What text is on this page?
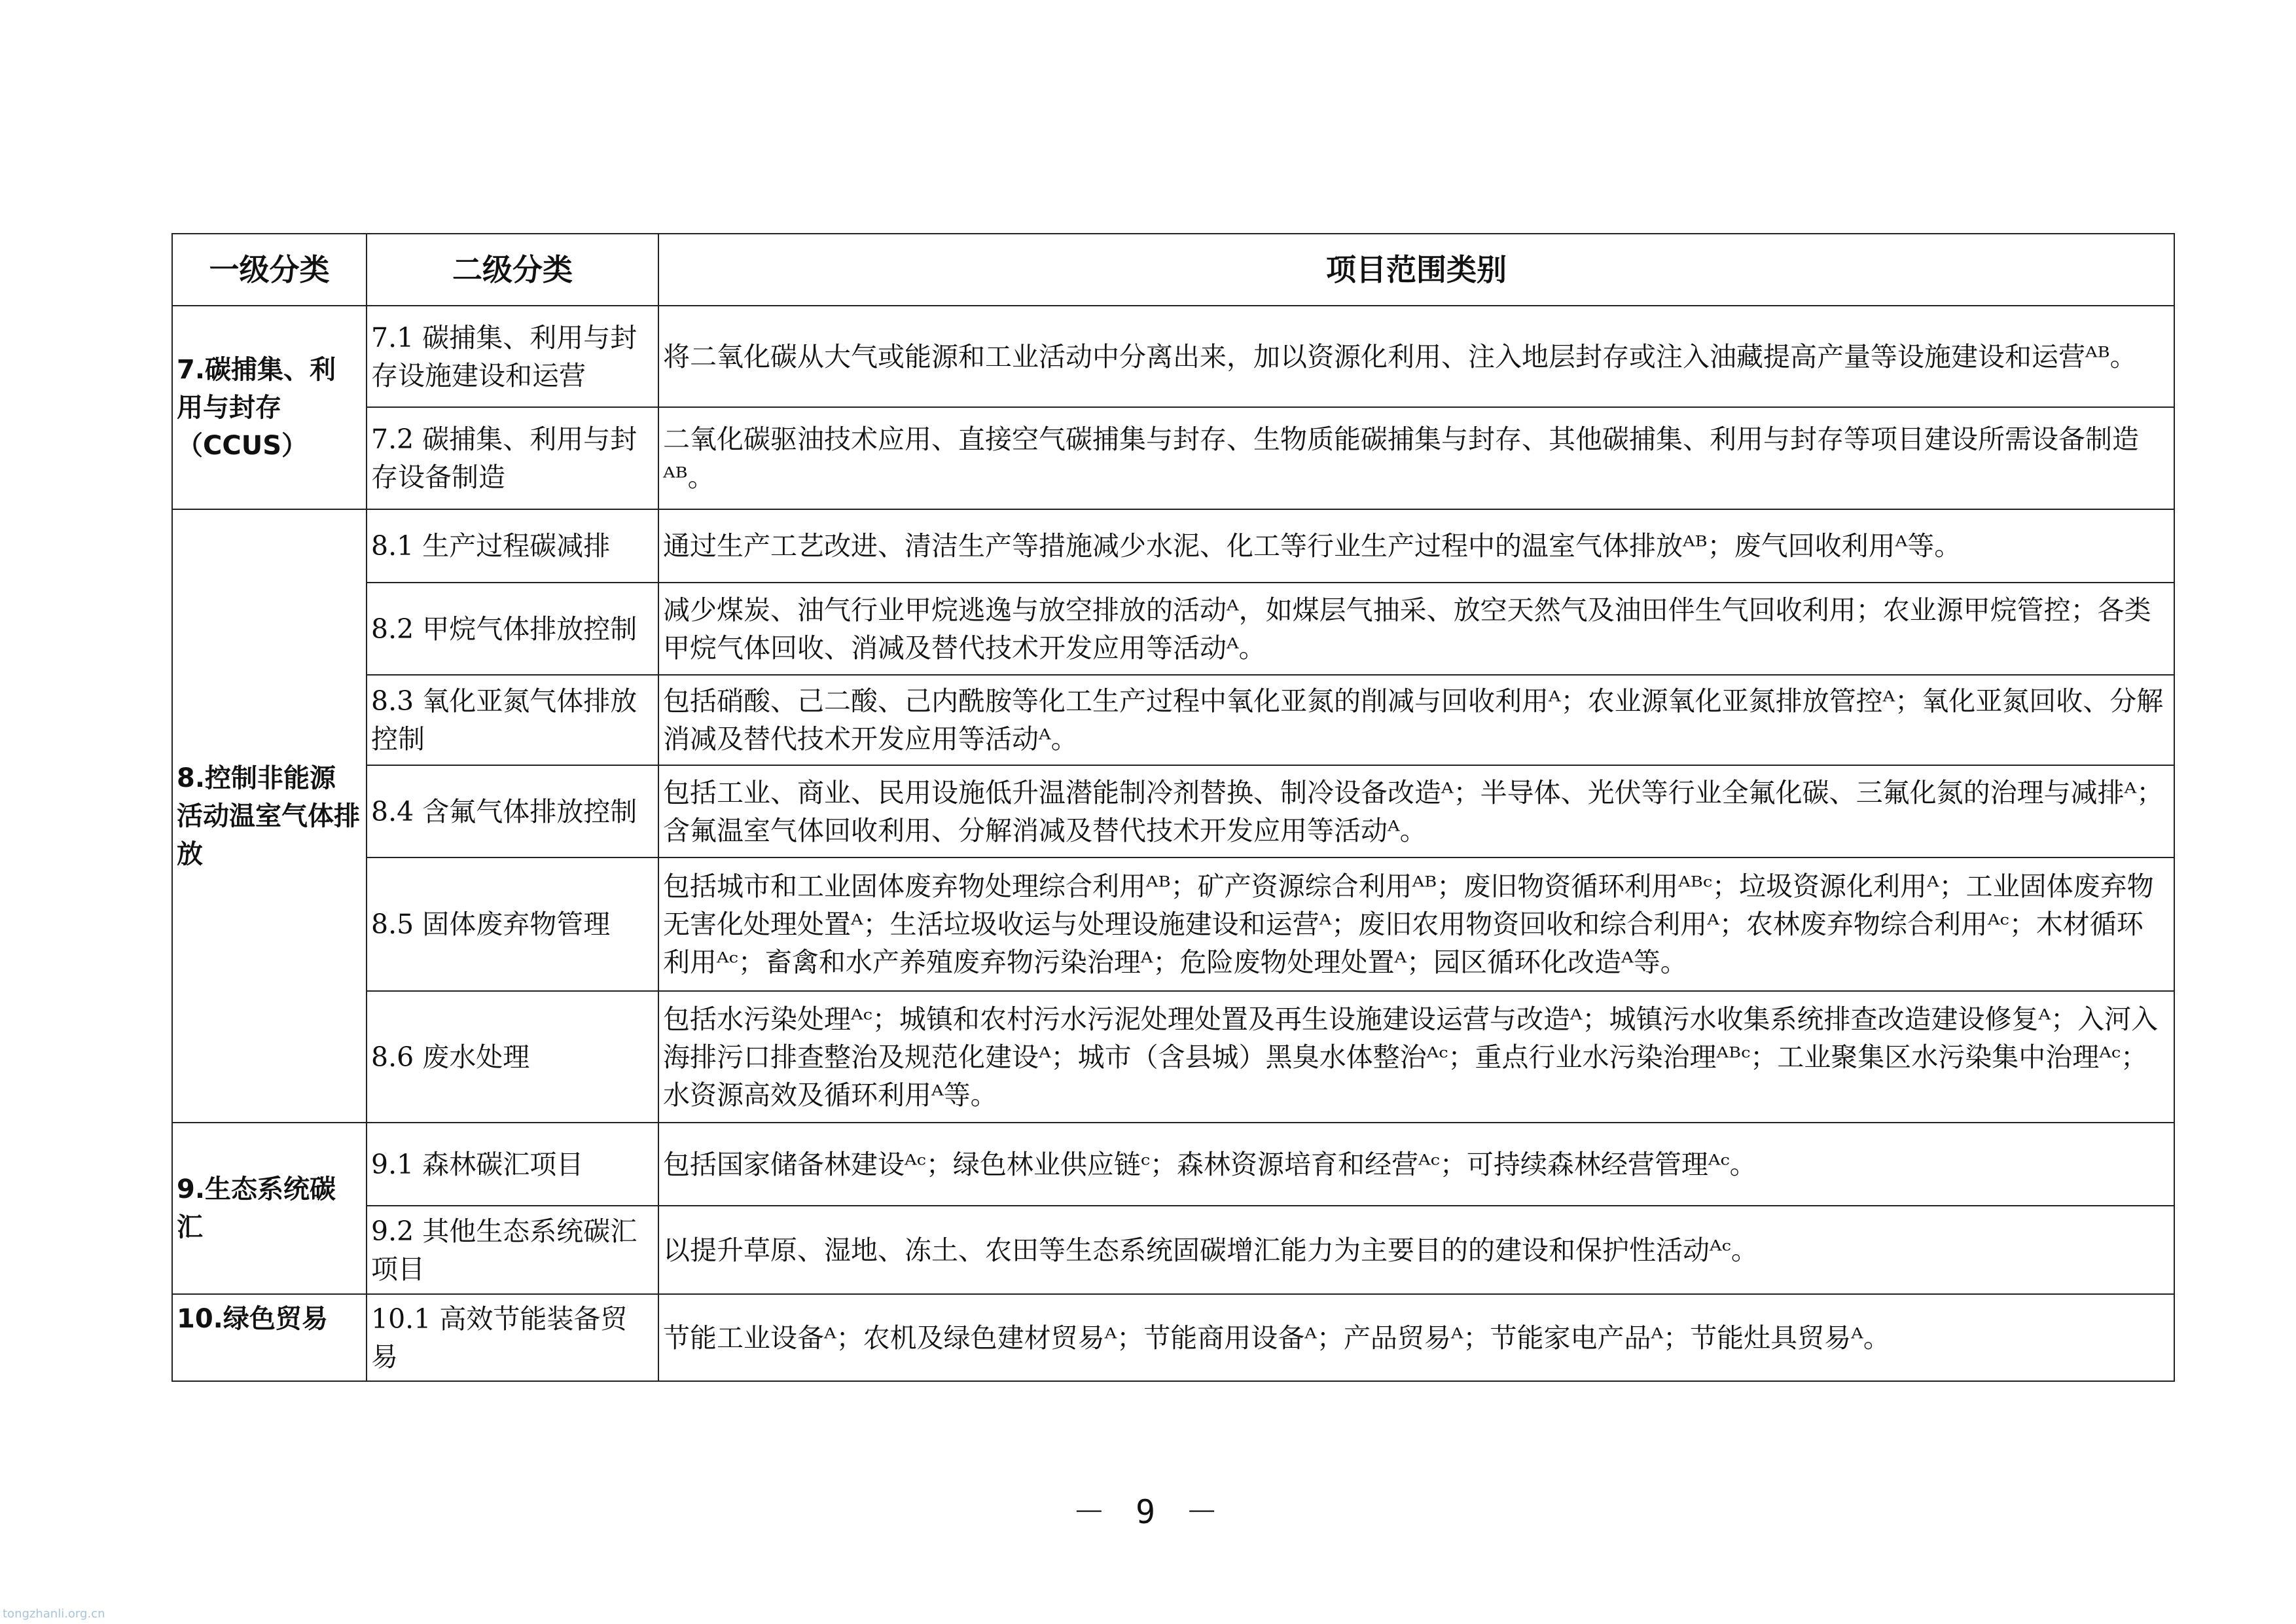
一级分类	二级分类	项目范围类别
7.碳捕集、利用与封存（CCUS）	7.1 碳捕集、利用与封存设施建设和运营	将二氧化碳从大气或能源和工业活动中分离出来，加以资源化利用、注入地层封存或注入油藏提高产量等设施建设和运营ᴬᴮ。
	7.2 碳捕集、利用与封存设备制造	二氧化碳驱油技术应用、直接空气碳捕集与封存、生物质能碳捕集与封存、其他碳捕集、利用与封存等项目建设所需设备制造ᴬᴮ。
8.控制非能源活动温室气体排放	8.1 生产过程碳减排	通过生产工艺改进、清洁生产等措施减少水泥、化工等行业生产过程中的温室气体排放ᴬᴮ；废气回收利用ᴬ等。
	8.2 甲烷气体排放控制	减少煤炭、油气行业甲烷逃逸与放空排放的活动ᴬ，如煤层气抽采、放空天然气及油田伴生气回收利用；农业源甲烷管控；各类甲烷气体回收、消减及替代技术开发应用等活动ᴬ。
	8.3 氧化亚氮气体排放控制	包括硝酸、己二酸、己内酰胺等化工生产过程中氧化亚氮的削减与回收利用ᴬ；农业源氧化亚氮排放管控ᴬ；氧化亚氮回收、分解消减及替代技术开发应用等活动ᴬ。
	8.4 含氟气体排放控制	包括工业、商业、民用设施低升温潜能制冷剂替换、制冷设备改造ᴬ；半导体、光伏等行业全氟化碳、三氟化氮的治理与减排ᴬ；含氟温室气体回收利用、分解消减及替代技术开发应用等活动ᴬ。
	8.5 固体废弃物管理	包括城市和工业固体废弃物处理综合利用ᴬᴮ；矿产资源综合利用ᴬᴮ；废旧物资循环利用ᴬᴮᶜ；垃圾资源化利用ᴬ；工业固体废弃物无害化处理处置ᴬ；生活垃圾收运与处理设施建设和运营ᴬ；废旧农用物资回收和综合利用ᴬ；农林废弃物综合利用ᴬᶜ；木材循环利用ᴬᶜ；畜禽和水产养殖废弃物污染治理ᴬ；危险废物处理处置ᴬ；园区循环化改造ᴬ等。
	8.6 废水处理	包括水污染处理ᴬᶜ；城镇和农村污水污泥处理处置及再生设施建设运营与改造ᴬ；城镇污水收集系统排查改造建设修复ᴬ；入河入海排污口排查整治及规范化建设ᴬ；城市（含县城）黑臭水体整治ᴬᶜ；重点行业水污染治理ᴬᴮᶜ；工业聚集区水污染集中治理ᴬᶜ；水资源高效及循环利用ᴬ等。
9.生态系统碳汇	9.1 森林碳汇项目	包括国家储备林建设ᴬᶜ；绿色林业供应链ᶜ；森林资源培育和经营ᴬᶜ；可持续森林经营管理ᴬᶜ。
	9.2 其他生态系统碳汇项目	以提升草原、湿地、冻土、农田等生态系统固碳增汇能力为主要目的的建设和保护性活动ᴬᶜ。
10.绿色贸易	10.1 高效节能装备贸易	节能工业设备ᴬ；农机及绿色建材贸易ᴬ；节能商用设备ᴬ；产品贸易ᴬ；节能家电产品ᴬ；节能灶具贸易ᴬ。
－ 9 －
tongzhanli.org.cn
